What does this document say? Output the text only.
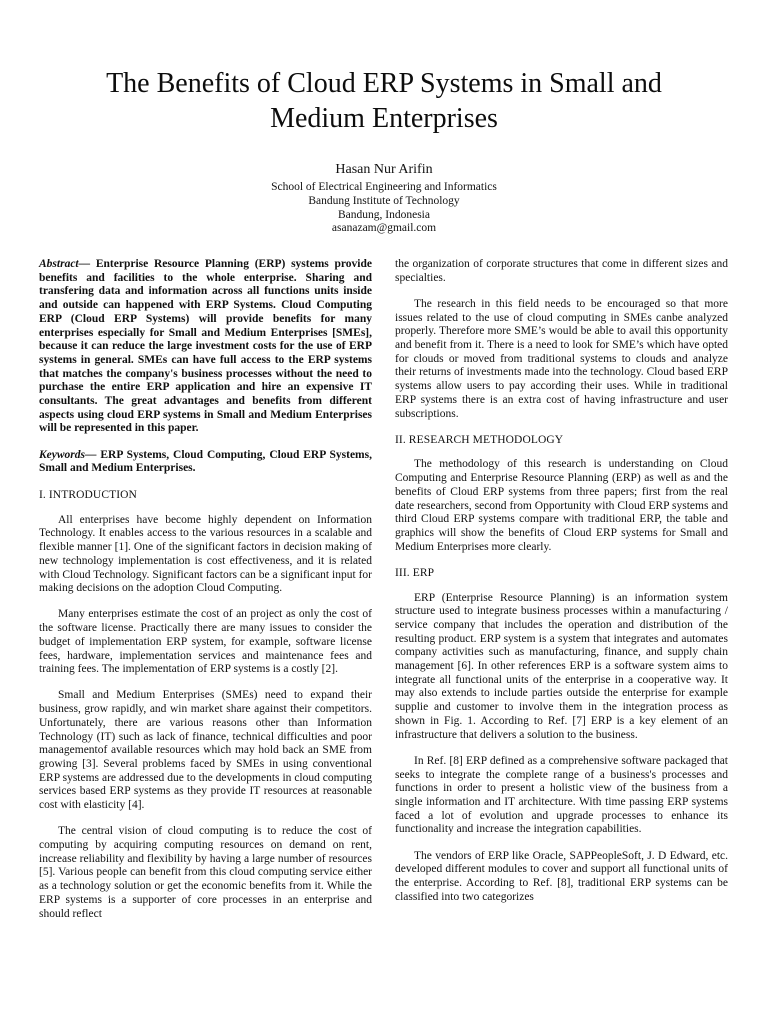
The Benefits of Cloud ERP Systems in Small and Medium Enterprises
Hasan Nur Arifin
School of Electrical Engineering and Informatics
Bandung Institute of Technology
Bandung, Indonesia
asanazam@gmail.com

Abstract— Enterprise Resource Planning (ERP) systems provide benefits and facilities to the whole enterprise. Sharing and transfering data and information across all functions units inside and outside can happened with ERP Systems. Cloud Computing ERP (Cloud ERP Systems) will provide benefits for many enterprises especially for Small and Medium Enterprises [SMEs], because it can reduce the large investment costs for the use of ERP systems in general. SMEs can have full access to the ERP systems that matches the company's business processes without the need to purchase the entire ERP application and hire an expensive IT consultants. The great advantages and benefits from different aspects using cloud ERP systems in Small and Medium Enterprises will be represented in this paper.

Keywords— ERP Systems, Cloud Computing, Cloud ERP Systems, Small and Medium Enterprises.

I. INTRODUCTION

All enterprises have become highly dependent on Information Technology. It enables access to the various resources in a scalable and flexible manner [1]. One of the significant factors in decision making of new technology implementation is cost effectiveness, and it is related with Cloud Technology. Significant factors can be a significant input for making decisions on the adoption Cloud Computing.

Many enterprises estimate the cost of an project as only the cost of the software license. Practically there are many issues to consider the budget of implementation ERP system, for example, software license fees, hardware, implementation services and maintenance fees and training fees. The implementation of ERP systems is a costly [2].

Small and Medium Enterprises (SMEs) need to expand their business, grow rapidly, and win market share against their competitors. Unfortunately, there are various reasons other than Information Technology (IT) such as lack of finance, technical difficulties and poor managementof available resources which may hold back an SME from growing [3]. Several problems faced by SMEs in using conventional ERP systems are addressed due to the developments in cloud computing services based ERP systems as they provide IT resources at reasonable cost with elasticity [4].

The central vision of cloud computing is to reduce the cost of computing by acquiring computing resources on demand on rent, increase reliability and flexibility by having a large number of resources [5]. Various people can benefit from this cloud computing service either as a technology solution or get the economic benefits from it. While the ERP systems is a supporter of core processes in an enterprise and should reflect

the organization of corporate structures that come in different sizes and specialties.

The research in this field needs to be encouraged so that more issues related to the use of cloud computing in SMEs canbe analyzed properly. Therefore more SME’s would be able to avail this opportunity and benefit from it. There is a need to look for SME’s which have opted for clouds or moved from traditional systems to clouds and analyze their returns of investments made into the technology. Cloud based ERP systems allow users to pay according their uses. While in traditional ERP systems there is an extra cost of having infrastructure and user subscriptions.

II. RESEARCH METHODOLOGY

The methodology of this research is understanding on Cloud Computing and Enterprise Resource Planning (ERP) as well as and the benefits of Cloud ERP systems from three papers; first from the real date researchers, second from Opportunity with Cloud ERP systems and third Cloud ERP systems compare with traditional ERP, the table and graphics will show the benefits of Cloud ERP systems for Small and Medium Enterprises more clearly.

III. ERP

ERP (Enterprise Resource Planning) is an information system structure used to integrate business processes within a manufacturing / service company that includes the operation and distribution of the resulting product. ERP system is a system that integrates and automates company activities such as manufacturing, finance, and supply chain management [6]. In other references ERP is a software system aims to integrate all functional units of the enterprise in a cooperative way. It may also extends to include parties outside the enterprise for example supplie and customer to involve them in the integration process as shown in Fig. 1. According to Ref. [7] ERP is a key element of an infrastructure that delivers a solution to the business.

In Ref. [8] ERP defined as a comprehensive software packaged that seeks to integrate the complete range of a business's processes and functions in order to present a holistic view of the business from a single information and IT architecture. With time passing ERP systems faced a lot of evolution and upgrade processes to enhance its functionality and increase the integration capabilities.

The vendors of ERP like Oracle, SAPPeopleSoft, J. D Edward, etc. developed different modules to cover and support all functional units of the enterprise. According to Ref. [8], traditional ERP systems can be classified into two categorizes
